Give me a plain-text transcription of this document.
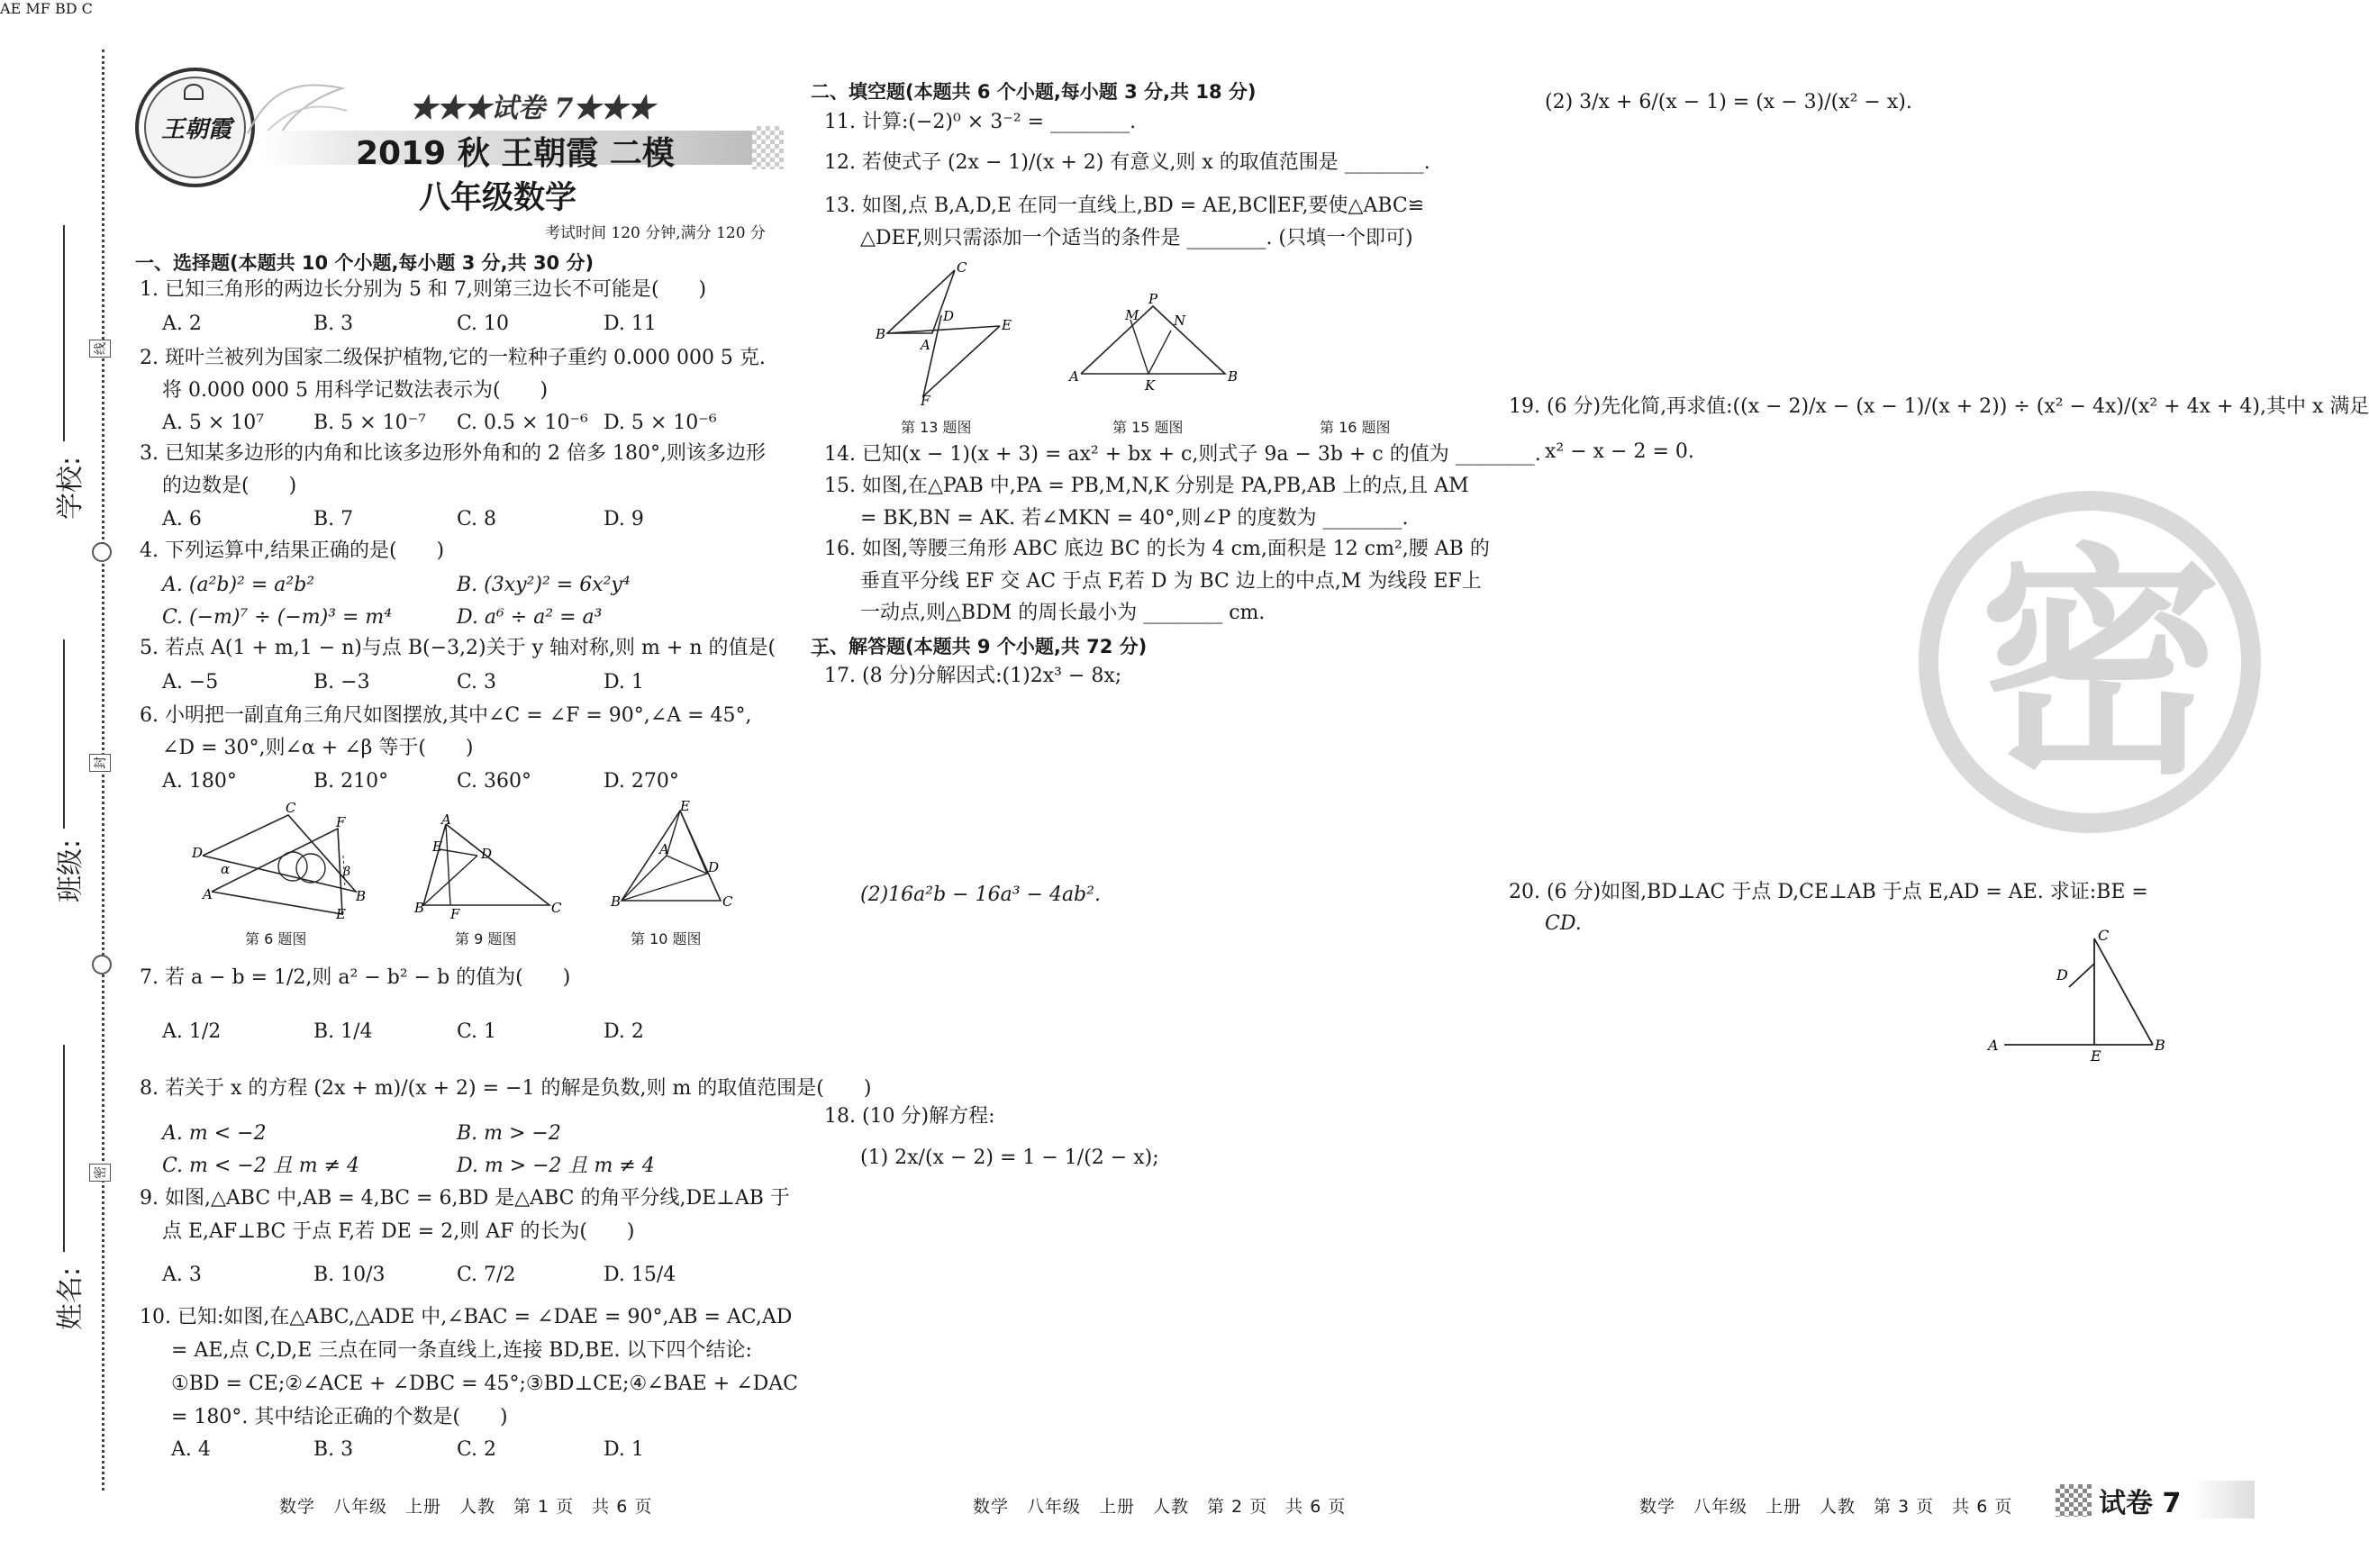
线
封
密
学校:
班级:
姓名:
王朝霞
★★★试卷 7★★★
2019 秋 王朝霞 二模
八年级数学
考试时间 120 分钟,满分 120 分
一、选择题(本题共 10 个小题,每小题 3 分,共 30 分)
1. 已知三角形的两边长分别为 5 和 7,则第三边长不可能是(　　)
A. 2	B. 3	C. 10	D. 11
2. 斑叶兰被列为国家二级保护植物,它的一粒种子重约 0.000 000 5 克.
将 0.000 000 5 用科学记数法表示为(　　)
A. 5 × 10⁷ B. 5 × 10⁻⁷ C. 0.5 × 10⁻⁶ D. 5 × 10⁻⁶
3. 已知某多边形的内角和比该多边形外角和的 2 倍多 180°,则该多边形
的边数是(　　)
A. 6	B. 7	C. 8	D. 9
4. 下列运算中,结果正确的是(　　)
A. (a²b)² = a²b²	B. (3xy²)² = 6x²y⁴
C. (−m)⁷ ÷ (−m)³ = m⁴	D. a⁶ ÷ a² = a³
5. 若点 A(1 + m,1 − n)与点 B(−3,2)关于 y 轴对称,则 m + n 的值是(　　)
A. −5	B. −3	C. 3	D. 1
6. 小明把一副直角三角尺如图摆放,其中∠C = ∠F = 90°,∠A = 45°,
∠D = 30°,则∠α + ∠β 等于(　　)
A. 180°	B. 210°	C. 360°	D. 270°
D
C
F
B
A
E
α	β
A
B	C
D
E
F
E
A
D
B	C
第 6 题图	第 9 题图	第 10 题图
7. 若 a − b = 1/2,则 a² − b² − b 的值为(　　)
A. 1/2	B. 1/4	C. 1	D. 2
8. 若关于 x 的方程 (2x + m)/(x + 2) = −1 的解是负数,则 m 的取值范围是(　　)
A. m < −2	B. m > −2
C. m < −2 且 m ≠ 4	D. m > −2 且 m ≠ 4
9. 如图,△ABC 中,AB = 4,BC = 6,BD 是△ABC 的角平分线,DE⊥AB 于
点 E,AF⊥BC 于点 F,若 DE = 2,则 AF 的长为(　　)
A. 3	B. 10/3	C. 7/2	D. 15/4
10. 已知:如图,在△ABC,△ADE 中,∠BAC = ∠DAE = 90°,AB = AC,AD
= AE,点 C,D,E 三点在同一条直线上,连接 BD,BE. 以下四个结论:
①BD = CE;②∠ACE + ∠DBC = 45°;③BD⊥CE;④∠BAE + ∠DAC
= 180°. 其中结论正确的个数是(　　)
A. 4	B. 3	C. 2	D. 1
二、填空题(本题共 6 个小题,每小题 3 分,共 18 分)
11. 计算:(−2)⁰ × 3⁻² = ________.
12. 若使式子 (2x − 1)/(x + 2) 有意义,则 x 的取值范围是 ________.
13. 如图,点 B,A,D,E 在同一直线上,BD = AE,BC∥EF,要使△ABC≌
△DEF,则只需添加一个适当的条件是 ________. (只填一个即可)
C
B
A
D
E
F
A
P
M	N
K
B
AE MF BD C
第 13 题图	第 15 题图	第 16 题图
14. 已知(x − 1)(x + 3) = ax² + bx + c,则式子 9a − 3b + c 的值为 ________.
15. 如图,在△PAB 中,PA = PB,M,N,K 分别是 PA,PB,AB 上的点,且 AM
= BK,BN = AK. 若∠MKN = 40°,则∠P 的度数为 ________.
16. 如图,等腰三角形 ABC 底边 BC 的长为 4 cm,面积是 12 cm²,腰 AB 的
垂直平分线 EF 交 AC 于点 F,若 D 为 BC 边上的中点,M 为线段 EF上
一动点,则△BDM 的周长最小为 ________ cm.
三、解答题(本题共 9 个小题,共 72 分)
17. (8 分)分解因式:(1)2x³ − 8x;
(2)16a²b − 16a³ − 4ab².
18. (10 分)解方程:
(1) 2x/(x − 2) = 1 − 1/(2 − x);
(2) 3/x + 6/(x − 1) = (x − 3)/(x² − x).
19. (6 分)先化简,再求值:((x − 2)/x − (x − 1)/(x + 2)) ÷ (x² − 4x)/(x² + 4x + 4),其中 x 满足
x² − x − 2 = 0.
密
20. (6 分)如图,BD⊥AC 于点 D,CE⊥AB 于点 E,AD = AE. 求证:BE =
CD.
C
D
A
E
B
数学　八年级　上册　人教　第 1 页　共 6 页	数学　八年级　上册　人教　第 2 页　共 6 页	数学　八年级　上册　人教　第 3 页　共 6 页	试卷 7
